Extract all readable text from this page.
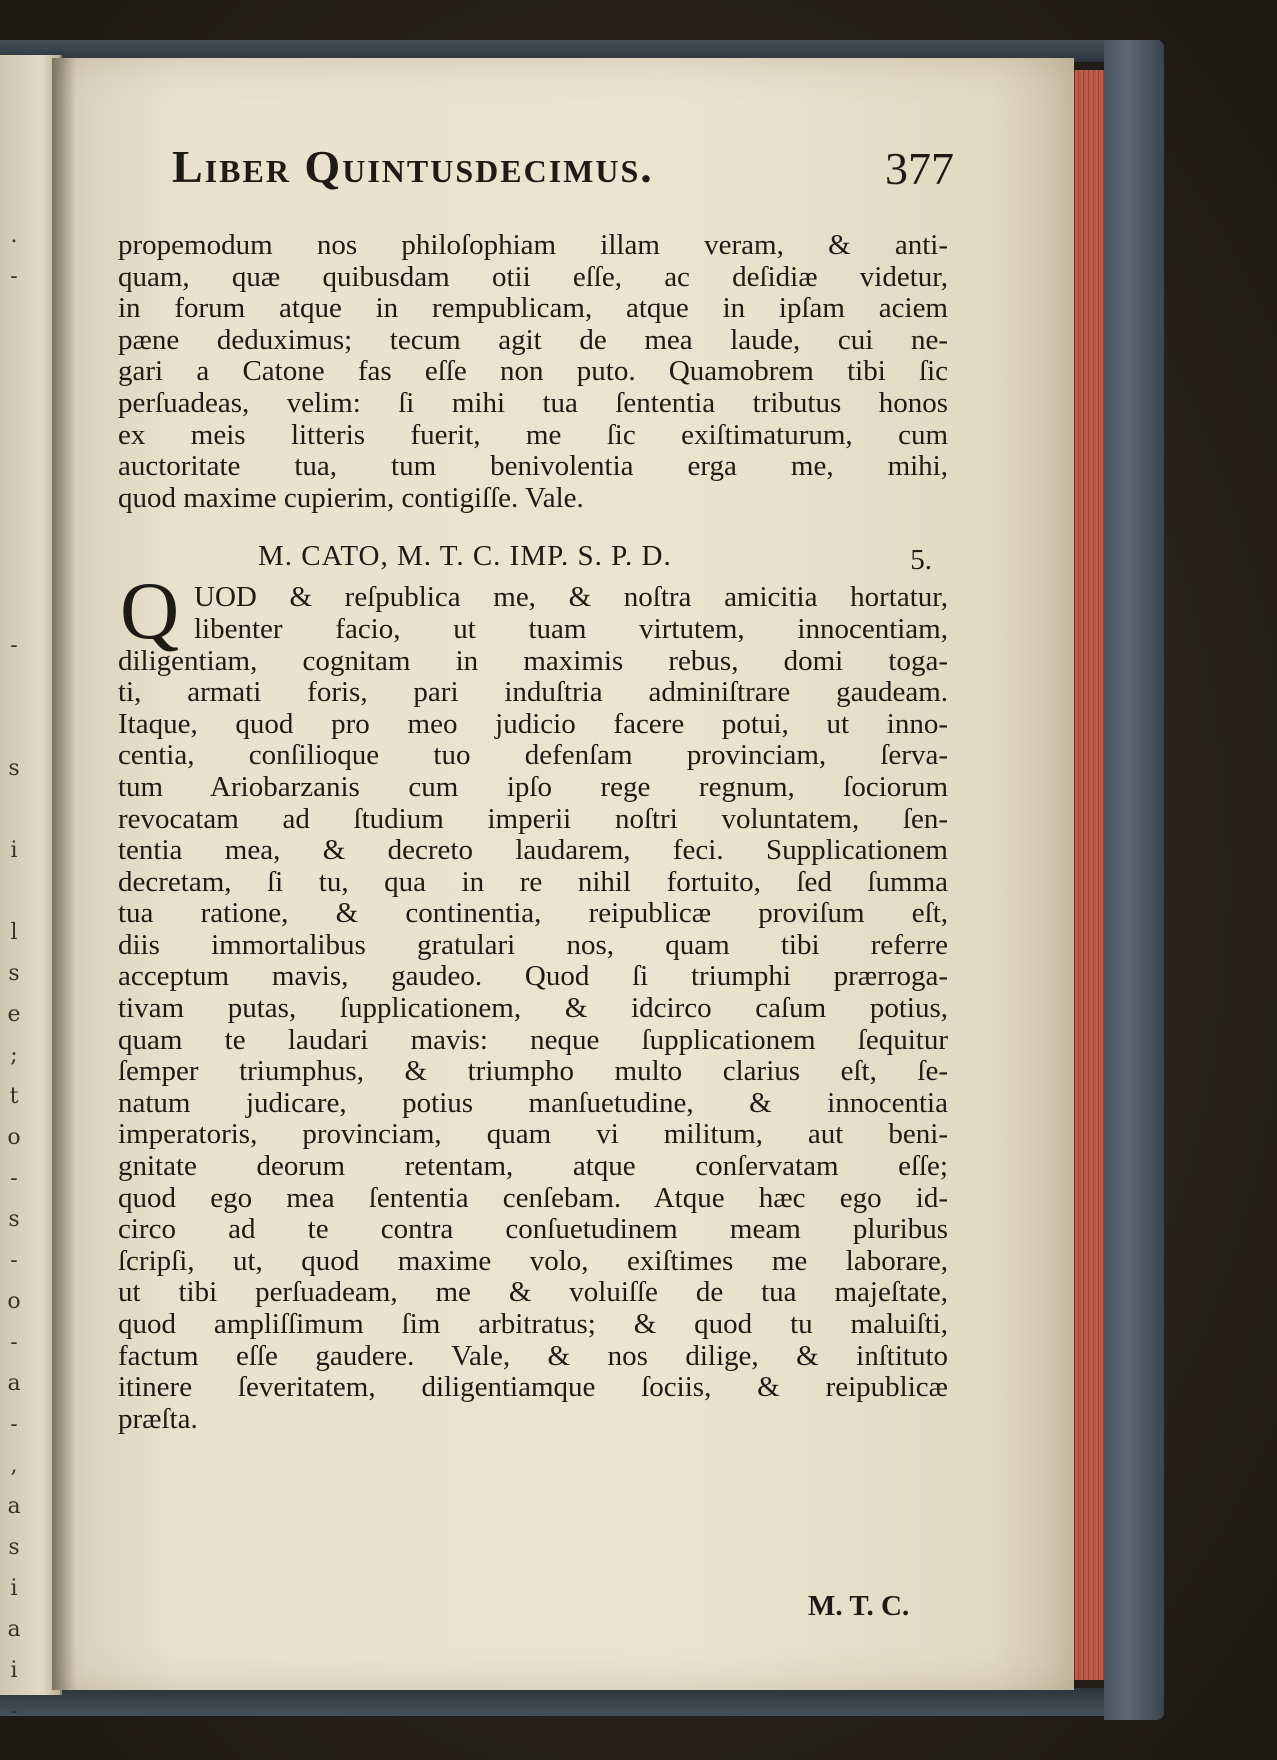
.
-
-
s
i
l
s
e
;
t
o
-
s
-
o
-
a
-
,
a
s
i
a
i
-
Liber Quintusdecimus.	377
propemodum nos philoſophiam illam veram, & anti-
quam, quæ quibusdam otii eſſe, ac deſidiæ videtur,
in forum atque in rempublicam, atque in ipſam aciem
pæne deduximus; tecum agit de mea laude, cui ne-
gari a Catone fas eſſe non puto. Quamobrem tibi ſic
perſuadeas, velim: ſi mihi tua ſententia tributus honos
ex meis litteris fuerit, me ſic exiſtimaturum, cum
auctoritate tua, tum benivolentia erga me, mihi,
quod maxime cupierim, contigiſſe. Vale.
M. CATO, M. T. C. IMP. S. P. D.	5.
Q UOD & reſpublica me, & noſtra amicitia hortatur,
libenter facio, ut tuam virtutem, innocentiam,
diligentiam, cognitam in maximis rebus, domi toga-
ti, armati foris, pari induſtria adminiſtrare gaudeam.
Itaque, quod pro meo judicio facere potui, ut inno-
centia, conſilioque tuo defenſam provinciam, ſerva-
tum Ariobarzanis cum ipſo rege regnum, ſociorum
revocatam ad ſtudium imperii noſtri voluntatem, ſen-
tentia mea, & decreto laudarem, feci. Supplicationem
decretam, ſi tu, qua in re nihil fortuito, ſed ſumma
tua ratione, & continentia, reipublicæ proviſum eſt,
diis immortalibus gratulari nos, quam tibi referre
acceptum mavis, gaudeo. Quod ſi triumphi prærroga-
tivam putas, ſupplicationem, & idcirco caſum potius,
quam te laudari mavis: neque ſupplicationem ſequitur
ſemper triumphus, & triumpho multo clarius eſt, ſe-
natum judicare, potius manſuetudine, & innocentia
imperatoris, provinciam, quam vi militum, aut beni-
gnitate deorum retentam, atque conſervatam eſſe;
quod ego mea ſententia cenſebam. Atque hæc ego id-
circo ad te contra conſuetudinem meam pluribus
ſcripſi, ut, quod maxime volo, exiſtimes me laborare,
ut tibi perſuadeam, me & voluiſſe de tua majeſtate,
quod ampliſſimum ſim arbitratus; & quod tu maluiſti,
factum eſſe gaudere. Vale, & nos dilige, & inſtituto
itinere ſeveritatem, diligentiamque ſociis, & reipublicæ
præſta.
M. T. C.
